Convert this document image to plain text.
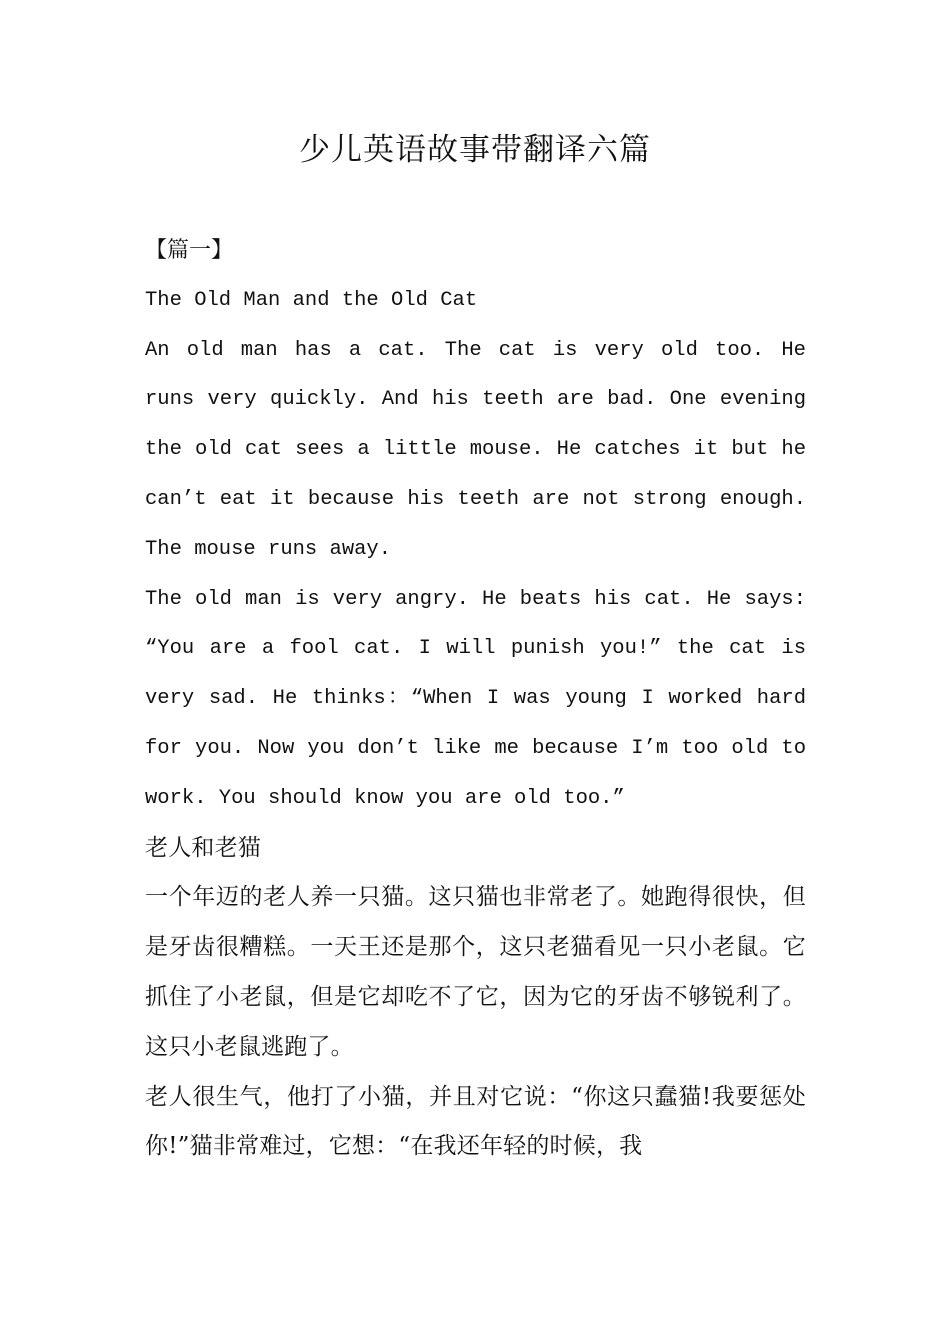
少儿英语故事带翻译六篇

【篇一】

The Old Man and the Old Cat

An old man has a cat. The cat is very old too. He runs very quickly. And his teeth are bad. One evening the old cat sees a little mouse. He catches it but he can’t eat it because his teeth are not strong enough. The mouse runs away.

The old man is very angry. He beats his cat. He says: “You are a fool cat. I will punish you!” the cat is very sad. He thinks：“When I was young I worked hard for you. Now you don’t like me because I’m too old to work. You should know you are old too.”

老人和老猫

一个年迈的老人养一只猫。这只猫也非常老了。她跑得很快，但是牙齿很糟糕。一天王还是那个，这只老猫看见一只小老鼠。它抓住了小老鼠，但是它却吃不了它，因为它的牙齿不够锐利了。这只小老鼠逃跑了。

老人很生气，他打了小猫，并且对它说：“你这只蠢猫!我要惩处你!”猫非常难过，它想：“在我还年轻的时候，我
